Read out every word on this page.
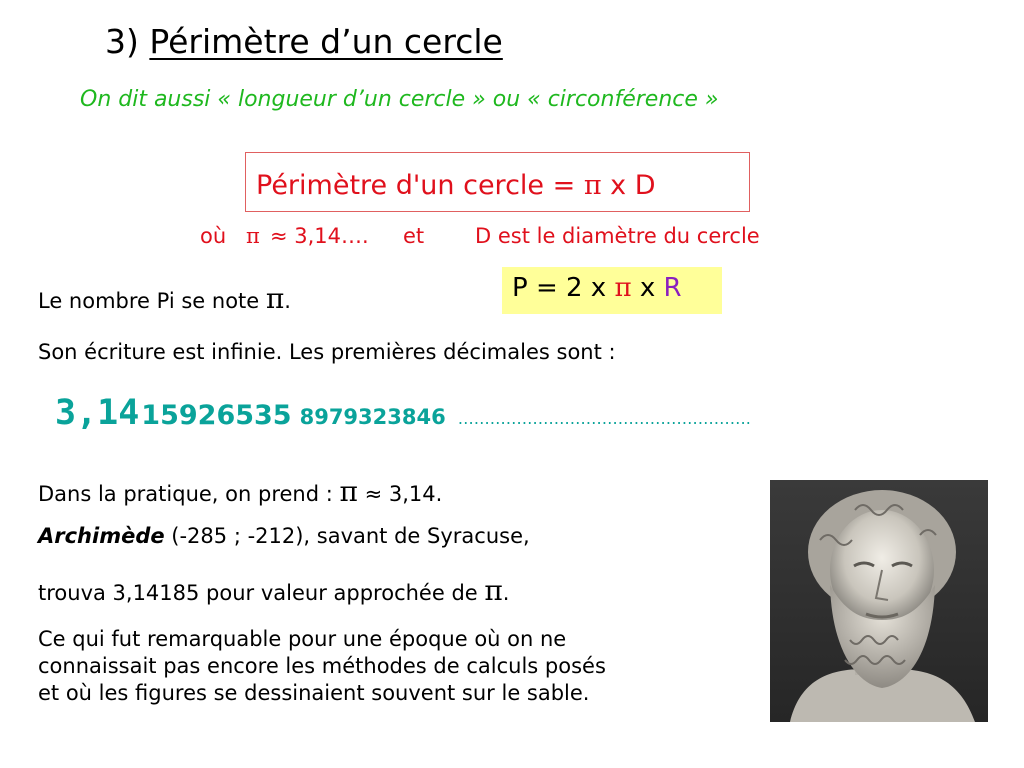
3) Périmètre d’un cercle
On dit aussi « longueur d’un cercle » ou « circonférence »
Périmètre d'un cercle = π x D
où π ≈ 3,14…. et D est le diamètre du cercle
Le nombre Pi se note π.	P = 2 x π x R
Son écriture est infinie. Les premières décimales sont :
3,1415926535 8979323846 ……………………………………………….
Dans la pratique, on prend : π ≈ 3,14.
Archimède (-285 ; -212), savant de Syracuse,
trouva 3,14185 pour valeur approchée de π.
Ce qui fut remarquable pour une époque où on ne
connaissait pas encore les méthodes de calculs posés
et où les figures se dessinaient souvent sur le sable.
